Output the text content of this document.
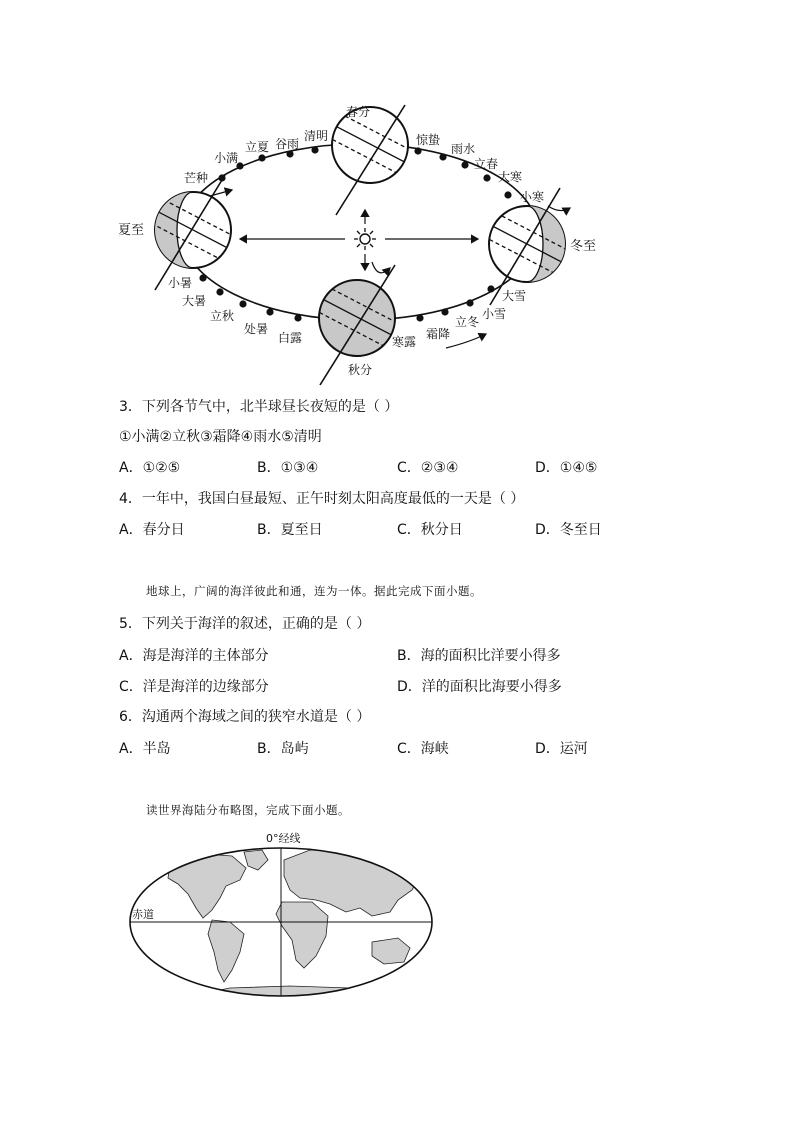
春分
清明
谷雨
立夏
小满
芒种
夏至
小暑
大暑
立秋
处暑
白露
秋分
寒露
霜降
立冬
小雪
大雪
冬至
小寒
大寒
立春
雨水
惊蛰
3．下列各节气中，北半球昼长夜短的是（ ）
①小满②立秋③霜降④雨水⑤清明
A．①②⑤	B．①③④	C．②③④	D．①④⑤
4．一年中，我国白昼最短、正午时刻太阳高度最低的一天是（ ）
A．春分日	B．夏至日	C．秋分日	D．冬至日
地球上，广阔的海洋彼此和通，连为一体。据此完成下面小题。
5．下列关于海洋的叙述，正确的是（ ）
A．海是海洋的主体部分	B．海的面积比洋要小得多
C．洋是海洋的边缘部分	D．洋的面积比海要小得多
6．沟通两个海域之间的狭窄水道是（ ）
A．半岛	B．岛屿	C．海峡	D．运河
读世界海陆分布略图，完成下面小题。
0°经线
赤道
